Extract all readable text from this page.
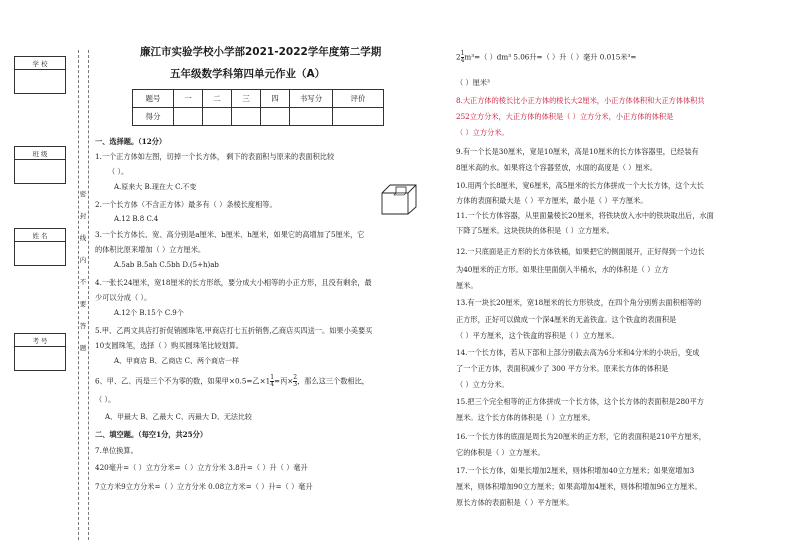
学 校
班 级
姓 名
考 号
密
封
线
内
不
要
答
题
廉江市实验学校小学部2021-2022学年度第二学期
五年级数学科第四单元作业（A）
题号	一	二	三	四	书写分	评价
得分						
一、选择题。（12分）
1.一个正方体如左图，切掉一个长方体， 剩下的表面积与原来的表面积比较
（ ）。
A.原来大 B.现在大 C.不变
2.一个长方体（不含正方体）最多有（ ）条棱长度相等。
A.12 B.8 C.4
3.一个长方体长、宽、高分别是a厘米、b厘米、h厘米，如果它的高增加了5厘米，它
的体积比原来增加（ ）立方厘米。
A.5ab B.5ah C.5bh D.(5+h)ab
4.一张长24厘米，宽18厘米的长方形纸，要分成大小相等的小正方形，且没有剩余，最
少可以分成（ ）。
A.12个 B.15个 C.9个
5.甲、乙两文具店打折促销圆珠笔,甲商店打七五折销售,乙商店买四送一。如果小美要买
10支圆珠笔，选择（ ）购买圆珠笔比较划算。
A、甲商店 B、乙商店 C、两个商店一样
6、甲、乙、丙是三个不为零的数，如果甲×0.5=乙$\times 1 \frac{1}{4}$ =丙× $\frac{2}{3}$ ，那么这三个数相比，
（ ）。
A、甲最大 B、乙最大 C、丙最大 D、无法比较
二、填空题。（每空1分，共25分）
7.单位换算。
420毫升=（ ）立方分米=（ ）立方分米 3.8升=（ ）升（ ）毫升
7立方米9立方分米=（ ）立方分米 0.08立方米=（ ）升=（ ）毫升
$2 \frac{1}{4} m^3=$（ ）dm³ 5.06升=（ ）升（ ）毫升 0.015米³=
（ ）厘米³
8.大正方体的棱长比小正方体的棱长大2厘米，小正方体体积和大正方体体积共
252立方分米，大正方体的体积是（ ）立方分米，小正方体的体积是
（ ）立方分米。
9.有一个长是30厘米，宽是10厘米，高是10厘米的长方体容器里，已经装有
8厘米高的水。如果将这个容器竖放，水面的高度是（ ）厘米。
10.用两个长8厘米，宽6厘米，高5厘米的长方体拼成一个大长方体，这个大长
方体的表面积最大是（ ）平方厘米，最小是（ ）平方厘米。
11.一个长方体容器，从里面量棱长20厘米，将铁块放入水中的铁块取出后，水面
下降了5厘米。这块铁块的体积是（ ）立方厘米。
12.一只底面是正方形的长方体铁桶，如果把它的侧面展开，正好得到一个边长
为40厘米的正方形。如果往里面倒入半桶水，水的体积是（ ）立方
厘米。
13.有一块长20厘米，宽18厘米的长方形铁皮，在四个角分别剪去面积相等的
正方形，正好可以做成一个深4厘米的无盖铁盒。这个铁盒的表面积是
（ ）平方厘米，这个铁盒的容积是（ ）立方厘米。
14.一个长方体，若从下部和上部分别截去高为6分米和4分米的小块后，变成
了一个正方体，表面积减少了 300 平方分米。原来长方体的体积是
（ ）立方分米。
15.把三个完全相等的正方体拼成一个长方体，这个长方体的表面积是280平方
厘米。这个长方体的体积是（ ）立方厘米。
16.一个长方体的底面是周长为20厘米的正方形，它的表面积是210平方厘米，
它的体积是（ ）立方厘米。
17.一个长方体，如果长增加2厘米，则体积增加40立方厘米；如果宽增加3
厘米，则体积增加90立方厘米；如果高增加4厘米，则体积增加96立方厘米。
原长方体的表面积是（ ）平方厘米。
